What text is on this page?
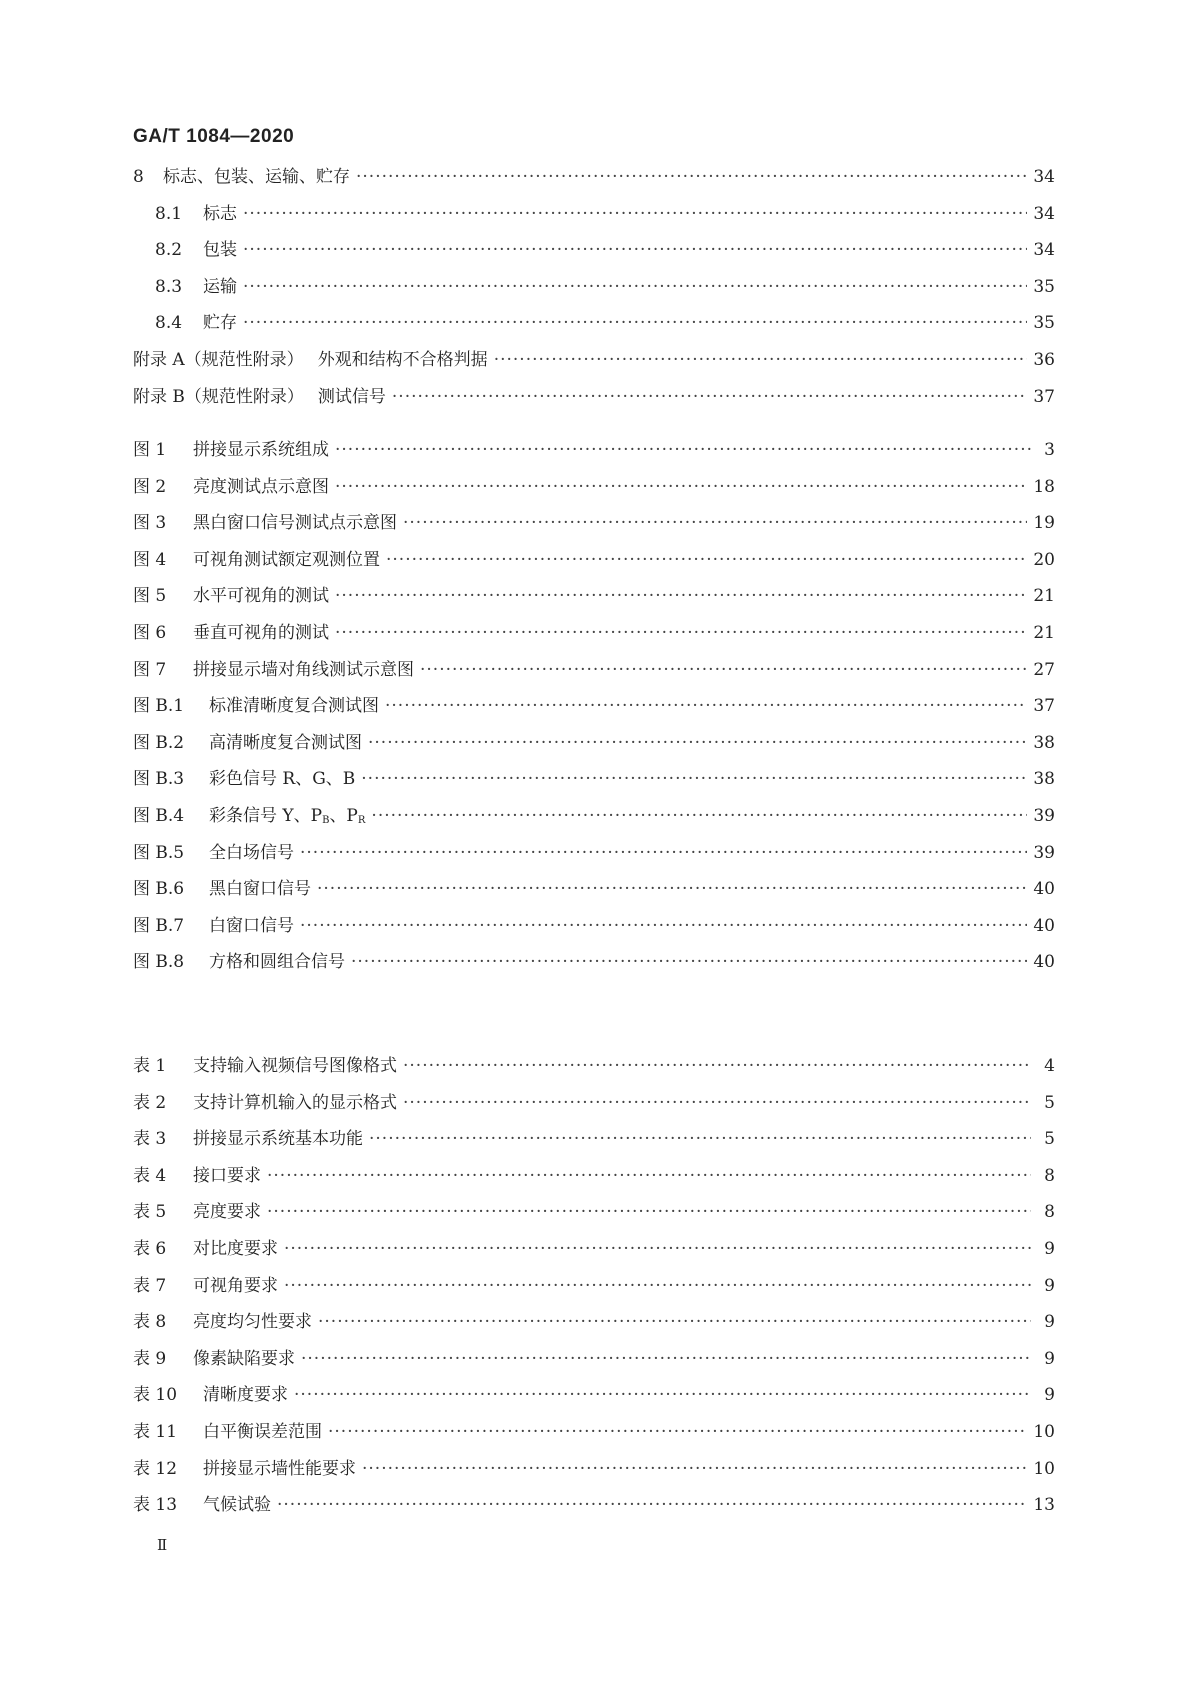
GA/T 1084—2020
8	标志、包装、运输、贮存 ·····	34
8.1	标志 ·····	34
8.2	包装 ·····	34
8.3	运输 ·····	35
8.4	贮存 ·····	35
附录 A（规范性附录） 外观和结构不合格判据 ·····	36
附录 B（规范性附录） 测试信号 ·····	37
图 1	拼接显示系统组成 ·····	3
图 2	亮度测试点示意图 ·····	18
图 3	黑白窗口信号测试点示意图 ·····	19
图 4	可视角测试额定观测位置 ·····	20
图 5	水平可视角的测试 ·····	21
图 6	垂直可视角的测试 ·····	21
图 7	拼接显示墙对角线测试示意图 ·····	27
图 B.1	标准清晰度复合测试图 ·····	37
图 B.2	高清晰度复合测试图 ·····	38
图 B.3	彩色信号 R、G、B ·····	38
图 B.4	彩条信号 Y、$P_B$、$P_R$ ·····	39
图 B.5	全白场信号 ·····	39
图 B.6	黑白窗口信号 ·····	40
图 B.7	白窗口信号 ·····	40
图 B.8	方格和圆组合信号 ·····	40
表 1	支持输入视频信号图像格式 ·····	4
表 2	支持计算机输入的显示格式 ·····	5
表 3	拼接显示系统基本功能 ·····	5
表 4	接口要求 ·····	8
表 5	亮度要求 ·····	8
表 6	对比度要求 ·····	9
表 7	可视角要求 ·····	9
表 8	亮度均匀性要求 ·····	9
表 9	像素缺陷要求 ·····	9
表 10	清晰度要求 ·····	9
表 11	白平衡误差范围 ·····	10
表 12	拼接显示墙性能要求 ·····	10
表 13	气候试验 ·····	13
Ⅱ
